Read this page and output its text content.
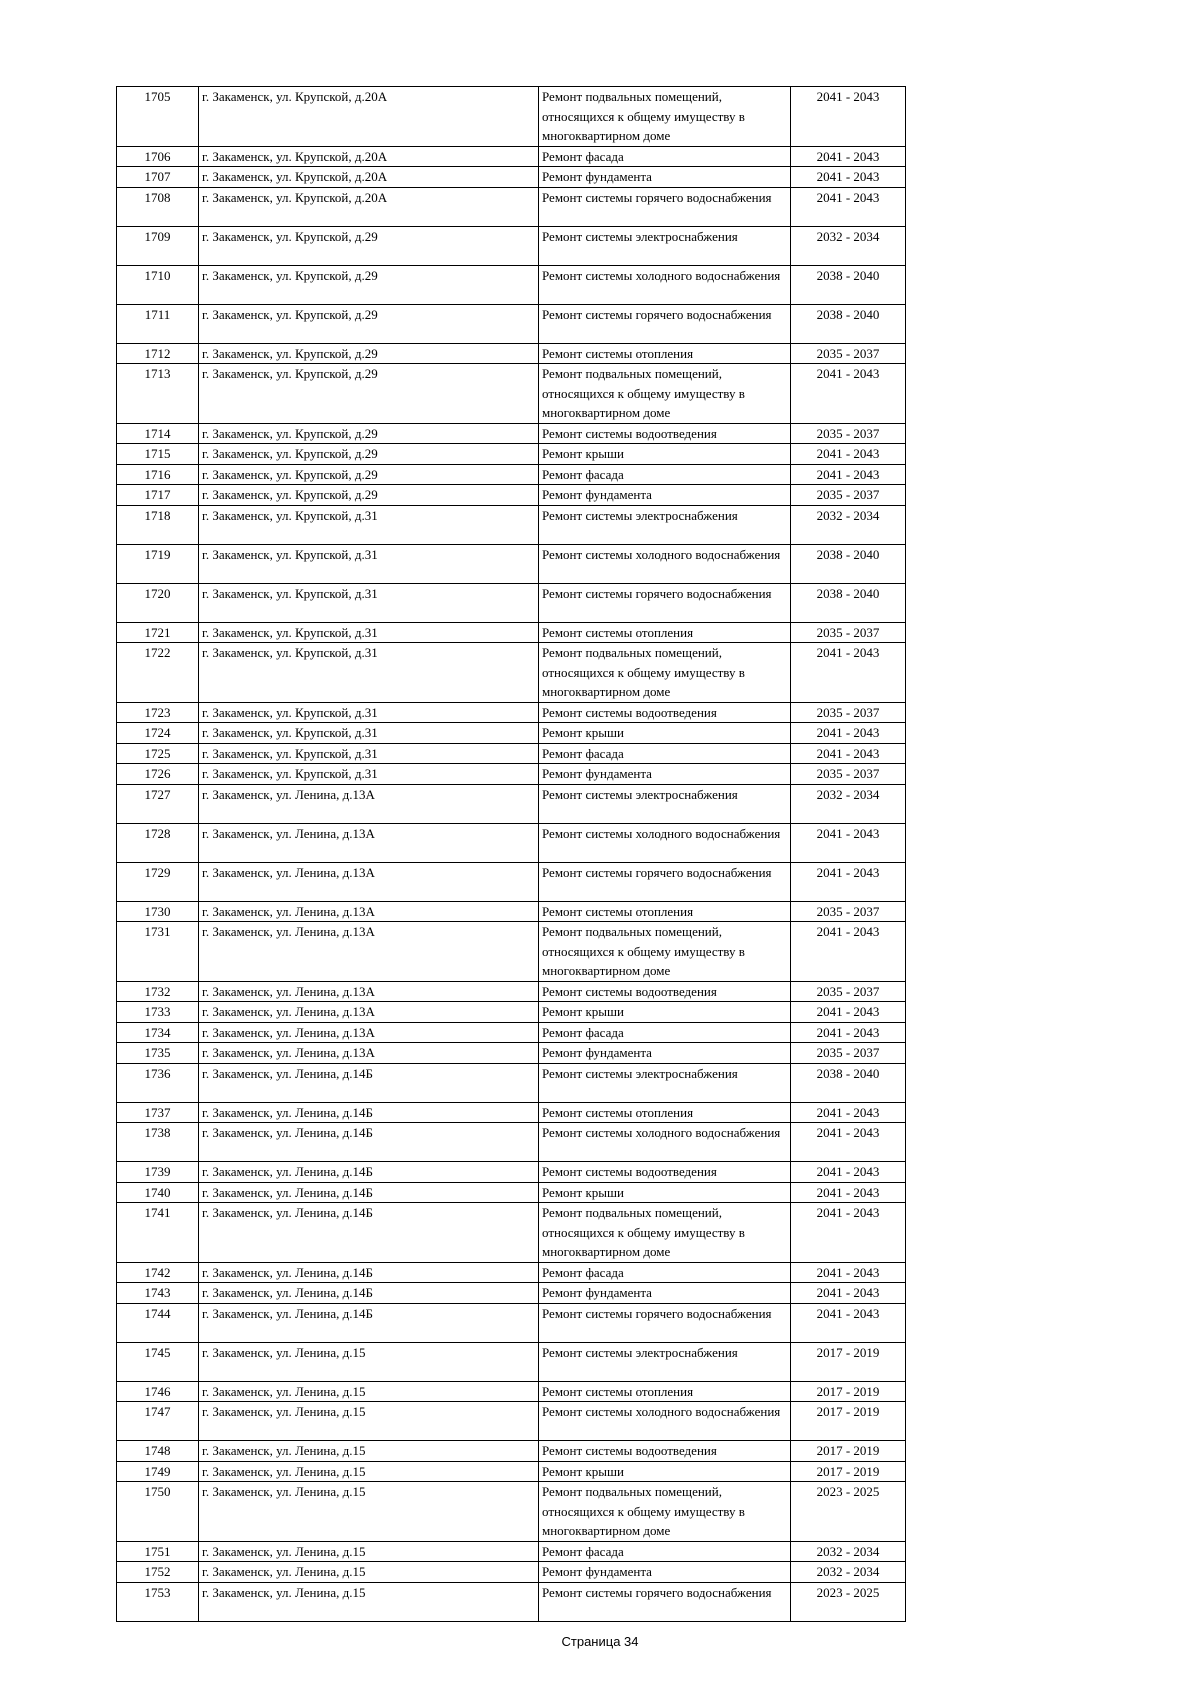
1705	г. Закаменск, ул. Крупской, д.20А	Ремонт подвальных помещений, относящихся к общему имуществу в многоквартирном доме	2041 - 2043
1706	г. Закаменск, ул. Крупской, д.20А	Ремонт фасада	2041 - 2043
1707	г. Закаменск, ул. Крупской, д.20А	Ремонт фундамента	2041 - 2043
1708	г. Закаменск, ул. Крупской, д.20А	Ремонт системы горячего водоснабжения	2041 - 2043
1709	г. Закаменск, ул. Крупской, д.29	Ремонт системы электроснабжения	2032 - 2034
1710	г. Закаменск, ул. Крупской, д.29	Ремонт системы холодного водоснабжения	2038 - 2040
1711	г. Закаменск, ул. Крупской, д.29	Ремонт системы горячего водоснабжения	2038 - 2040
1712	г. Закаменск, ул. Крупской, д.29	Ремонт системы отопления	2035 - 2037
1713	г. Закаменск, ул. Крупской, д.29	Ремонт подвальных помещений, относящихся к общему имуществу в многоквартирном доме	2041 - 2043
1714	г. Закаменск, ул. Крупской, д.29	Ремонт системы водоотведения	2035 - 2037
1715	г. Закаменск, ул. Крупской, д.29	Ремонт крыши	2041 - 2043
1716	г. Закаменск, ул. Крупской, д.29	Ремонт фасада	2041 - 2043
1717	г. Закаменск, ул. Крупской, д.29	Ремонт фундамента	2035 - 2037
1718	г. Закаменск, ул. Крупской, д.31	Ремонт системы электроснабжения	2032 - 2034
1719	г. Закаменск, ул. Крупской, д.31	Ремонт системы холодного водоснабжения	2038 - 2040
1720	г. Закаменск, ул. Крупской, д.31	Ремонт системы горячего водоснабжения	2038 - 2040
1721	г. Закаменск, ул. Крупской, д.31	Ремонт системы отопления	2035 - 2037
1722	г. Закаменск, ул. Крупской, д.31	Ремонт подвальных помещений, относящихся к общему имуществу в многоквартирном доме	2041 - 2043
1723	г. Закаменск, ул. Крупской, д.31	Ремонт системы водоотведения	2035 - 2037
1724	г. Закаменск, ул. Крупской, д.31	Ремонт крыши	2041 - 2043
1725	г. Закаменск, ул. Крупской, д.31	Ремонт фасада	2041 - 2043
1726	г. Закаменск, ул. Крупской, д.31	Ремонт фундамента	2035 - 2037
1727	г. Закаменск, ул. Ленина, д.13А	Ремонт системы электроснабжения	2032 - 2034
1728	г. Закаменск, ул. Ленина, д.13А	Ремонт системы холодного водоснабжения	2041 - 2043
1729	г. Закаменск, ул. Ленина, д.13А	Ремонт системы горячего водоснабжения	2041 - 2043
1730	г. Закаменск, ул. Ленина, д.13А	Ремонт системы отопления	2035 - 2037
1731	г. Закаменск, ул. Ленина, д.13А	Ремонт подвальных помещений, относящихся к общему имуществу в многоквартирном доме	2041 - 2043
1732	г. Закаменск, ул. Ленина, д.13А	Ремонт системы водоотведения	2035 - 2037
1733	г. Закаменск, ул. Ленина, д.13А	Ремонт крыши	2041 - 2043
1734	г. Закаменск, ул. Ленина, д.13А	Ремонт фасада	2041 - 2043
1735	г. Закаменск, ул. Ленина, д.13А	Ремонт фундамента	2035 - 2037
1736	г. Закаменск, ул. Ленина, д.14Б	Ремонт системы электроснабжения	2038 - 2040
1737	г. Закаменск, ул. Ленина, д.14Б	Ремонт системы отопления	2041 - 2043
1738	г. Закаменск, ул. Ленина, д.14Б	Ремонт системы холодного водоснабжения	2041 - 2043
1739	г. Закаменск, ул. Ленина, д.14Б	Ремонт системы водоотведения	2041 - 2043
1740	г. Закаменск, ул. Ленина, д.14Б	Ремонт крыши	2041 - 2043
1741	г. Закаменск, ул. Ленина, д.14Б	Ремонт подвальных помещений, относящихся к общему имуществу в многоквартирном доме	2041 - 2043
1742	г. Закаменск, ул. Ленина, д.14Б	Ремонт фасада	2041 - 2043
1743	г. Закаменск, ул. Ленина, д.14Б	Ремонт фундамента	2041 - 2043
1744	г. Закаменск, ул. Ленина, д.14Б	Ремонт системы горячего водоснабжения	2041 - 2043
1745	г. Закаменск, ул. Ленина, д.15	Ремонт системы электроснабжения	2017 - 2019
1746	г. Закаменск, ул. Ленина, д.15	Ремонт системы отопления	2017 - 2019
1747	г. Закаменск, ул. Ленина, д.15	Ремонт системы холодного водоснабжения	2017 - 2019
1748	г. Закаменск, ул. Ленина, д.15	Ремонт системы водоотведения	2017 - 2019
1749	г. Закаменск, ул. Ленина, д.15	Ремонт крыши	2017 - 2019
1750	г. Закаменск, ул. Ленина, д.15	Ремонт подвальных помещений, относящихся к общему имуществу в многоквартирном доме	2023 - 2025
1751	г. Закаменск, ул. Ленина, д.15	Ремонт фасада	2032 - 2034
1752	г. Закаменск, ул. Ленина, д.15	Ремонт фундамента	2032 - 2034
1753	г. Закаменск, ул. Ленина, д.15	Ремонт системы горячего водоснабжения	2023 - 2025
Страница 34
